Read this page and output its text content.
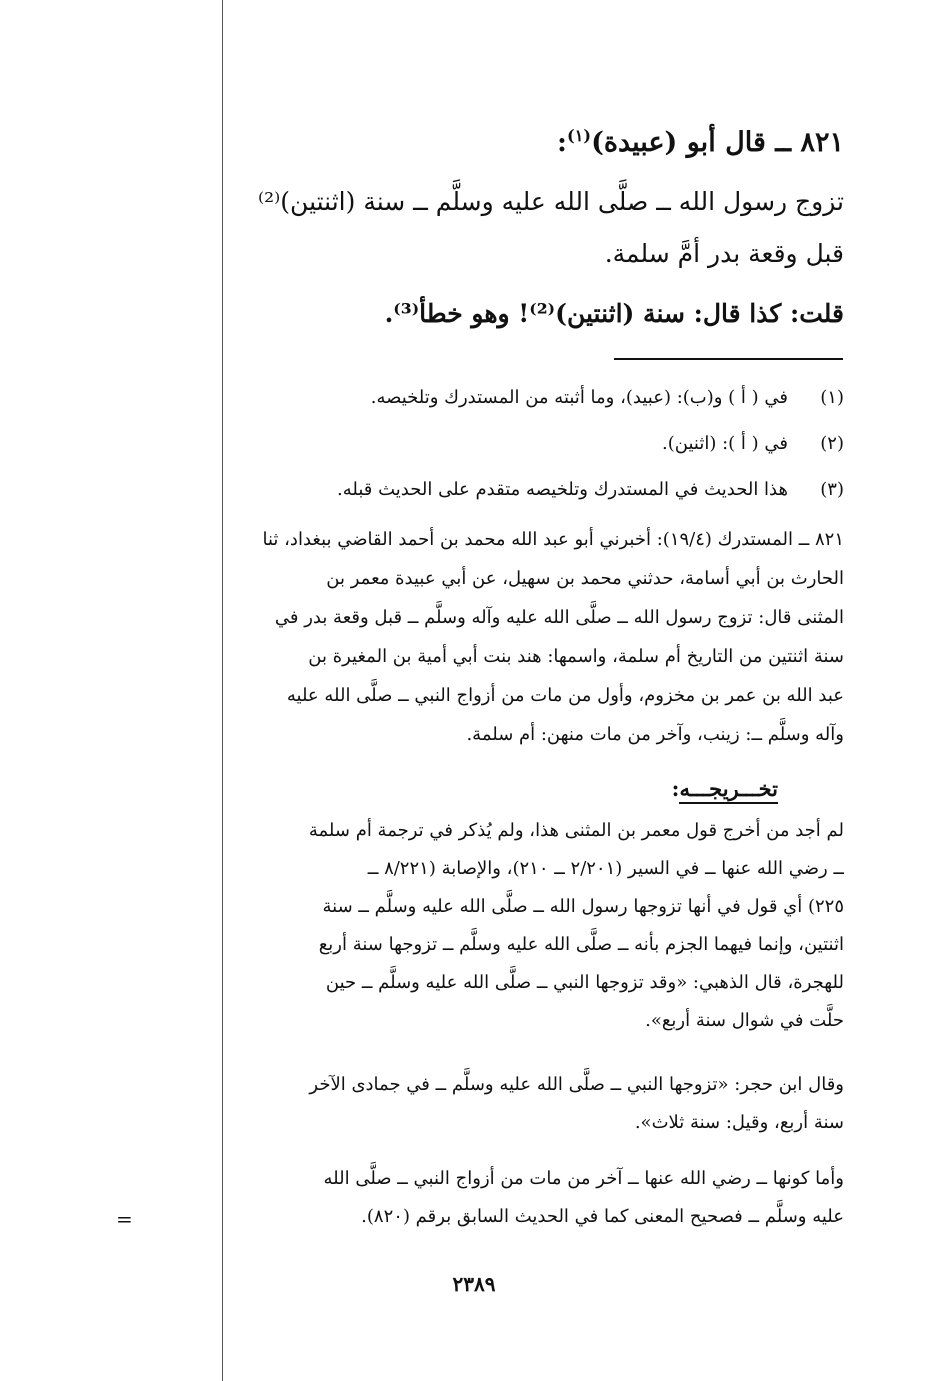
٨٢١ ــ قال أبو (عبيدة)$^{(١)}$:
تزوج رسول الله ــ صلَّى الله عليه وسلَّم ــ سنة (اثنتين)⁽²⁾
قبل وقعة بدر أمَّ سلمة.
قلت: كذا قال: سنة (اثنتين)⁽²⁾! وهو خطأ⁽³⁾.
(١)
في ( أ ) و(ب): (عبيد)، وما أثبته من المستدرك وتلخيصه.
(٢)
في ( أ ): (اثنين).
(٣)
هذا الحديث في المستدرك وتلخيصه متقدم على الحديث قبله.
٨٢١ ــ المستدرك (١٩/٤): أخبرني أبو عبد الله محمد بن أحمد القاضي ببغداد، ثنا
الحارث بن أبي أسامة، حدثني محمد بن سهيل، عن أبي عبيدة معمر بن
المثنى قال: تزوج رسول الله ــ صلَّى الله عليه وآله وسلَّم ــ قبل وقعة بدر في
سنة اثنتين من التاريخ أم سلمة، واسمها: هند بنت أبي أمية بن المغيرة بن
عبد الله بن عمر بن مخزوم، وأول من مات من أزواج النبي ــ صلَّى الله عليه
وآله وسلَّم ــ: زينب، وآخر من مات منهن: أم سلمة.
تخـــريجـــه:
لم أجد من أخرج قول معمر بن المثنى هذا، ولم يُذكر في ترجمة أم سلمة
ــ رضي الله عنها ــ في السير (٢/٢٠١ ــ ٢١٠)، والإصابة (٨/٢٢١ ــ
٢٢٥) أي قول في أنها تزوجها رسول الله ــ صلَّى الله عليه وسلَّم ــ سنة
اثنتين، وإنما فيهما الجزم بأنه ــ صلَّى الله عليه وسلَّم ــ تزوجها سنة أربع
للهجرة، قال الذهبي: «وقد تزوجها النبي ــ صلَّى الله عليه وسلَّم ــ حين
حلَّت في شوال سنة أربع».
وقال ابن حجر: «تزوجها النبي ــ صلَّى الله عليه وسلَّم ــ في جمادى الآخر
سنة أربع، وقيل: سنة ثلاث».
وأما كونها ــ رضي الله عنها ــ آخر من مات من أزواج النبي ــ صلَّى الله
عليه وسلَّم ــ فصحيح المعنى كما في الحديث السابق برقم (٨٢٠).
=
٢٣٨٩
